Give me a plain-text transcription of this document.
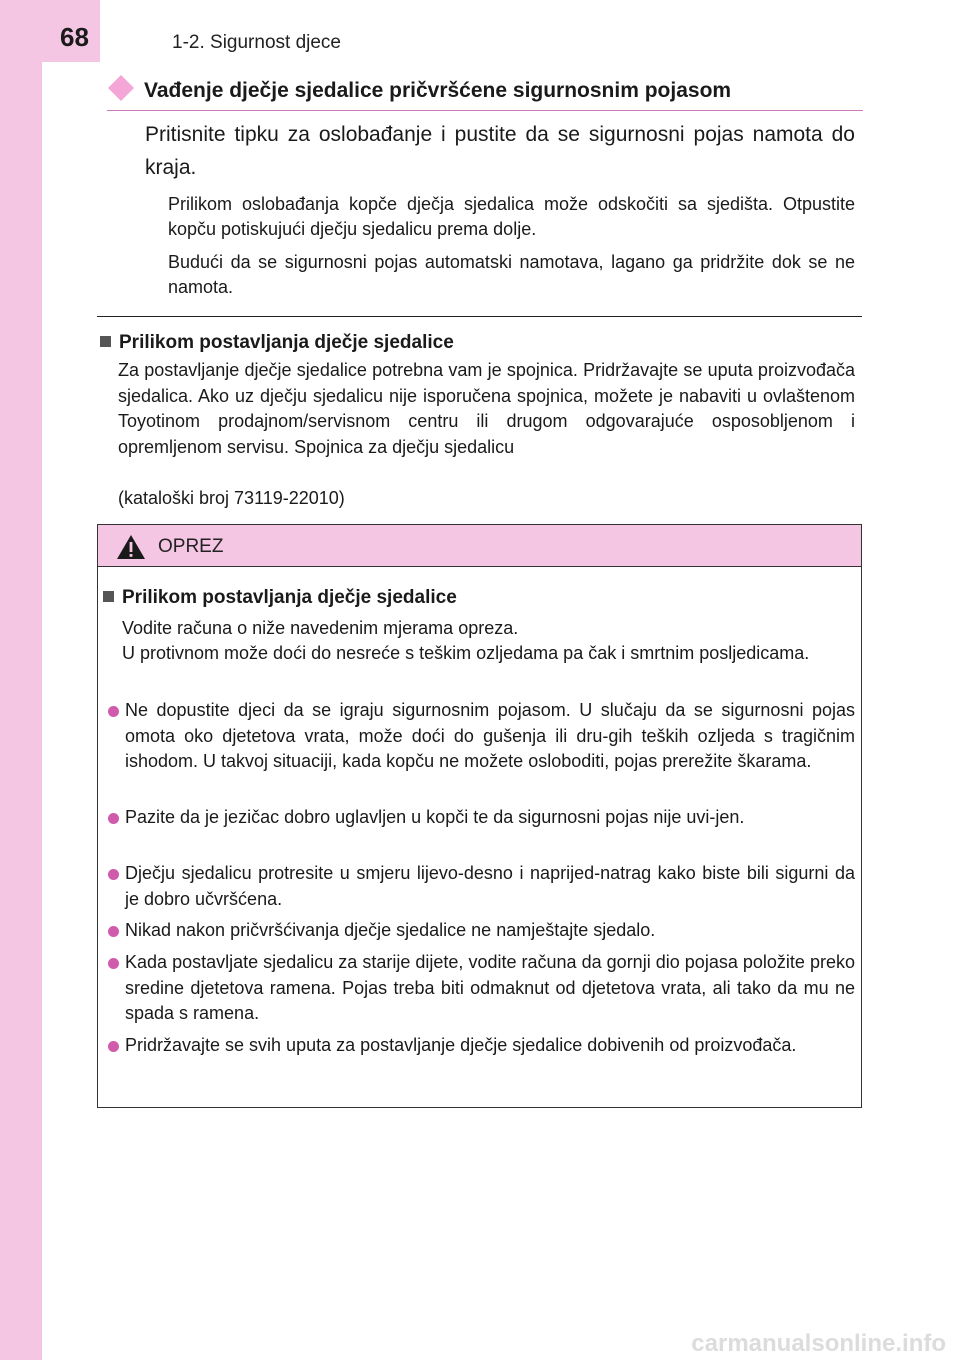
68	1-2. Sigurnost djece
Vađenje dječje sjedalice pričvršćene sigurnosnim pojasom
Pritisnite tipku za oslobađanje i pustite da se sigurnosni pojas namota do kraja.
Prilikom oslobađanja kopče dječja sjedalica može odskočiti sa sjedišta. Otpustite kopču potiskujući dječju sjedalicu prema dolje.
Budući da se sigurnosni pojas automatski namotava, lagano ga pridržite dok se ne namota.
Prilikom postavljanja dječje sjedalice
Za postavljanje dječje sjedalice potrebna vam je spojnica. Pridržavajte se uputa proizvođača sjedalica. Ako uz dječju sjedalicu nije isporučena spojnica, možete je nabaviti u ovlaštenom Toyotinom prodajnom/servisnom centru ili drugom odgovarajuće osposobljenom i opremljenom servisu. Spojnica za dječju sjedalicu
(kataloški broj 73119-22010)
OPREZ
Prilikom postavljanja dječje sjedalice
Vodite računa o niže navedenim mjerama opreza.
U protivnom može doći do nesreće s teškim ozljedama pa čak i smrtnim posljedicama.
Ne dopustite djeci da se igraju sigurnosnim pojasom. U slučaju da se sigurnosni pojas omota oko djetetova vrata, može doći do gušenja ili dru-gih teških ozljeda s tragičnim ishodom. U takvoj situaciji, kada kopču ne možete osloboditi, pojas prerežite škarama.
Pazite da je jezičac dobro uglavljen u kopči te da sigurnosni pojas nije uvi-jen.
Dječju sjedalicu protresite u smjeru lijevo-desno i naprijed-natrag kako biste bili sigurni da je dobro učvršćena.
Nikad nakon pričvršćivanja dječje sjedalice ne namještajte sjedalo.
Kada postavljate sjedalicu za starije dijete, vodite računa da gornji dio pojasa položite preko sredine djetetova ramena. Pojas treba biti odmaknut od djetetova vrata, ali tako da mu ne spada s ramena.
Pridržavajte se svih uputa za postavljanje dječje sjedalice dobivenih od proizvođača.
carmanualsonline.info
